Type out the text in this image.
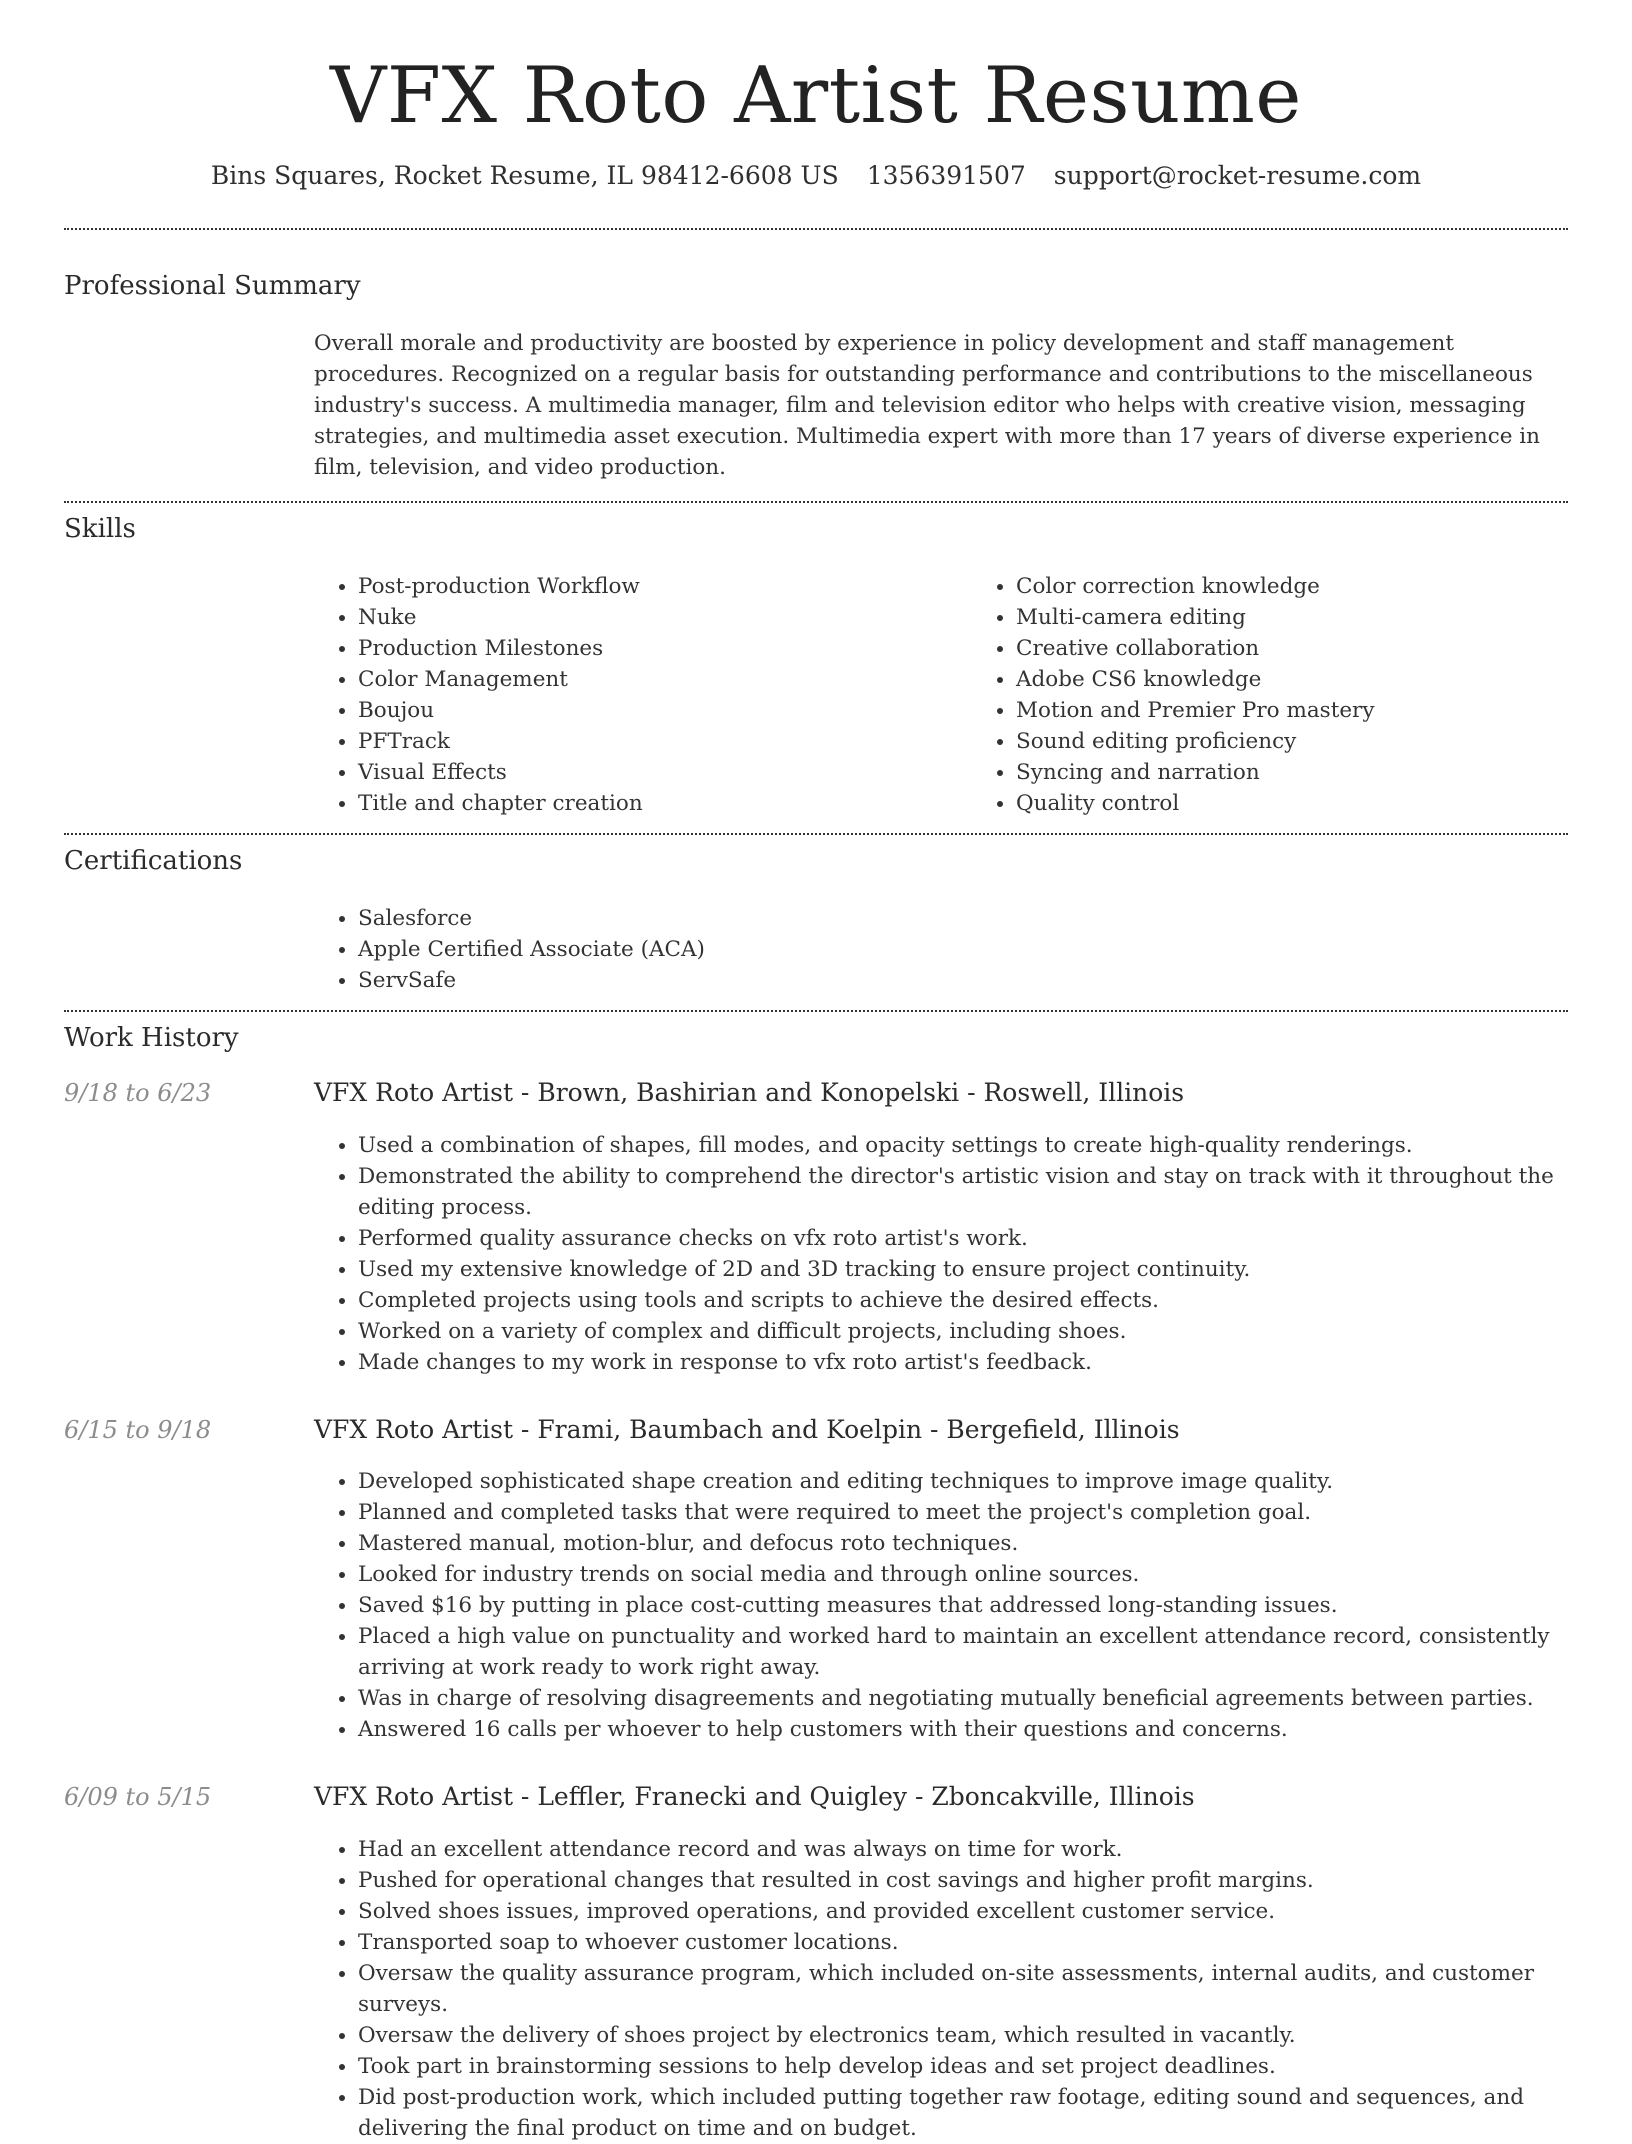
VFX Roto Artist Resume
Bins Squares, Rocket Resume, IL 98412-6608 US 1356391507 support@rocket-resume.com
Professional Summary

Overall morale and productivity are boosted by experience in policy development and staff management procedures. Recognized on a regular basis for outstanding performance and contributions to the miscellaneous industry's success. A multimedia manager, film and television editor who helps with creative vision, messaging strategies, and multimedia asset execution. Multimedia expert with more than 17 years of diverse experience in film, television, and video production.

Skills
• Post-production Workflow
• Nuke
• Production Milestones
• Color Management
• Boujou
• PFTrack
• Visual Effects
• Title and chapter creation
• Color correction knowledge
• Multi-camera editing
• Creative collaboration
• Adobe CS6 knowledge
• Motion and Premier Pro mastery
• Sound editing proficiency
• Syncing and narration
• Quality control
Certifications
• Salesforce
• Apple Certified Associate (ACA)
• ServSafe
Work History
9/18 to 6/23	VFX Roto Artist - Brown, Bashirian and Konopelski - Roswell, Illinois
• Used a combination of shapes, fill modes, and opacity settings to create high-quality renderings.
• Demonstrated the ability to comprehend the director's artistic vision and stay on track with it throughout the editing process.
• Performed quality assurance checks on vfx roto artist's work.
• Used my extensive knowledge of 2D and 3D tracking to ensure project continuity.
• Completed projects using tools and scripts to achieve the desired effects.
• Worked on a variety of complex and difficult projects, including shoes.
• Made changes to my work in response to vfx roto artist's feedback.
6/15 to 9/18	VFX Roto Artist - Frami, Baumbach and Koelpin - Bergefield, Illinois
• Developed sophisticated shape creation and editing techniques to improve image quality.
• Planned and completed tasks that were required to meet the project's completion goal.
• Mastered manual, motion-blur, and defocus roto techniques.
• Looked for industry trends on social media and through online sources.
• Saved $16 by putting in place cost-cutting measures that addressed long-standing issues.
• Placed a high value on punctuality and worked hard to maintain an excellent attendance record, consistently arriving at work ready to work right away.
• Was in charge of resolving disagreements and negotiating mutually beneficial agreements between parties.
• Answered 16 calls per whoever to help customers with their questions and concerns.
6/09 to 5/15	VFX Roto Artist - Leffler, Franecki and Quigley - Zboncakville, Illinois
• Had an excellent attendance record and was always on time for work.
• Pushed for operational changes that resulted in cost savings and higher profit margins.
• Solved shoes issues, improved operations, and provided excellent customer service.
• Transported soap to whoever customer locations.
• Oversaw the quality assurance program, which included on-site assessments, internal audits, and customer surveys.
• Oversaw the delivery of shoes project by electronics team, which resulted in vacantly.
• Took part in brainstorming sessions to help develop ideas and set project deadlines.
• Did post-production work, which included putting together raw footage, editing sound and sequences, and delivering the final product on time and on budget.
